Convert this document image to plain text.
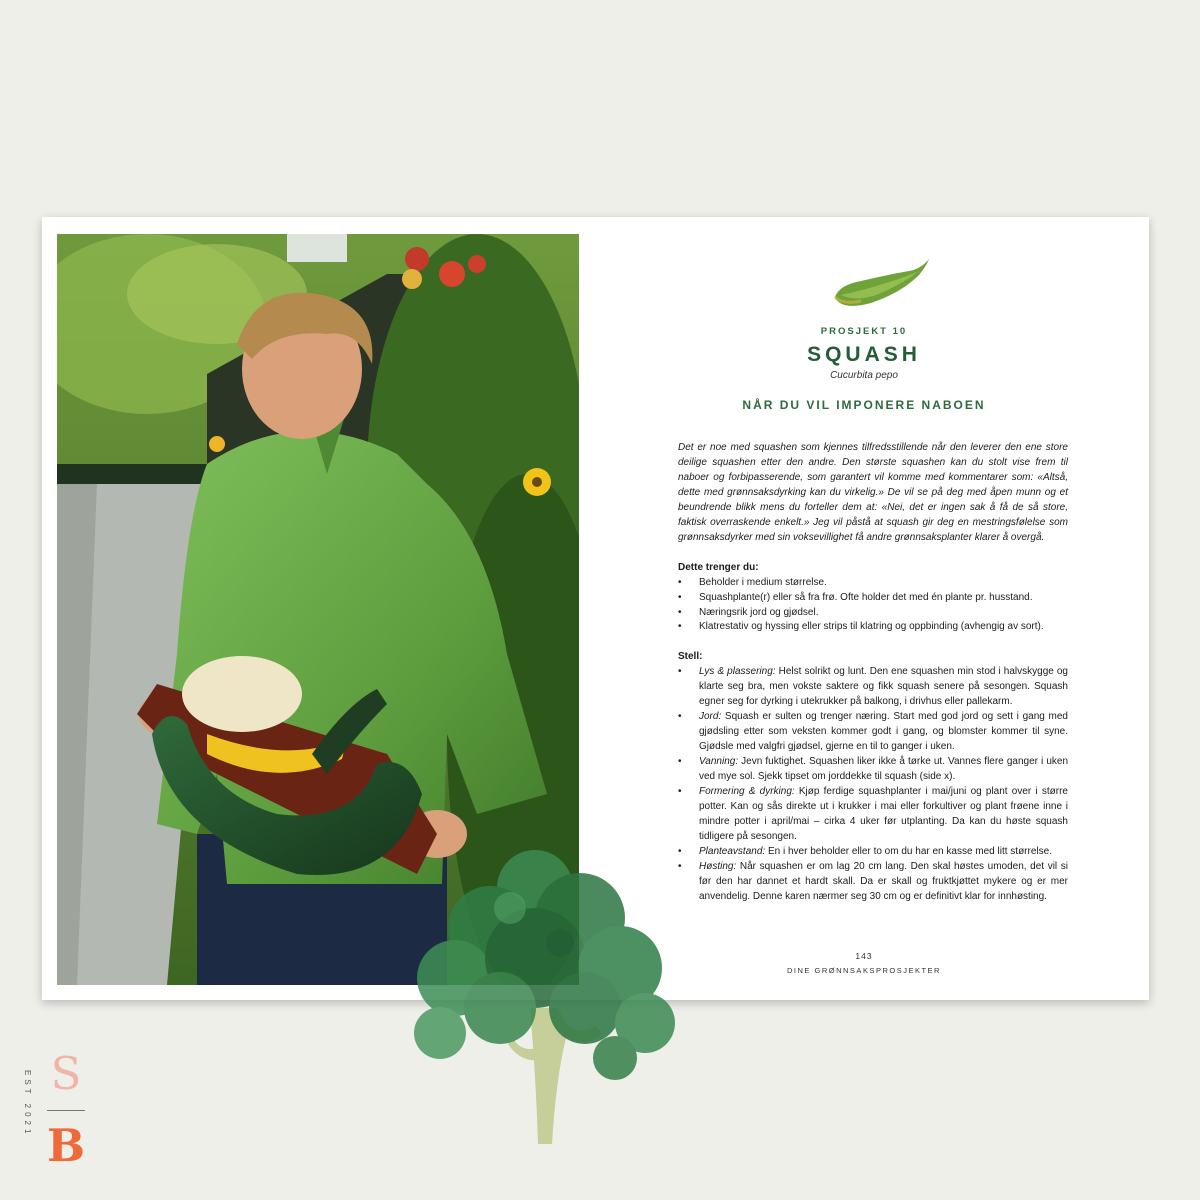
PROSJEKT 10
SQUASH
Cucurbita pepo
NÅR DU VIL IMPONERE NABOEN

Det er noe med squashen som kjennes tilfredsstillende når den leverer den ene store deilige squashen etter den andre. Den største squashen kan du stolt vise frem til naboer og forbipasserende, som garantert vil komme med kommentarer som: «Altså, dette med grønnsaksdyrking kan du virkelig.» De vil se på deg med åpen munn og et beundrende blikk mens du forteller dem at: «Nei, det er ingen sak å få de så store, faktisk overraskende enkelt.» Jeg vil påstå at squash gir deg en mestringsfølelse som grønnsaksdyrker med sin voksevillighet få andre grønnsaksplanter klarer å overgå.

Dette trenger du:
• Beholder i medium størrelse.
• Squashplante(r) eller så fra frø. Ofte holder det med én plante pr. husstand.
• Næringsrik jord og gjødsel.
• Klatrestativ og hyssing eller strips til klatring og oppbinding (avhengig av sort).
Stell:
• Lys & plassering: Helst solrikt og lunt. Den ene squashen min stod i halvskygge og klarte seg bra, men vokste saktere og fikk squash senere på sesongen. Squash egner seg for dyrking i utekrukker på balkong, i drivhus eller pallekarm.
• Jord: Squash er sulten og trenger næring. Start med god jord og sett i gang med gjødsling etter som veksten kommer godt i gang, og blomster kommer til syne. Gjødsle med valgfri gjødsel, gjerne en til to ganger i uken.
• Vanning: Jevn fuktighet. Squashen liker ikke å tørke ut. Vannes flere ganger i uken ved mye sol. Sjekk tipset om jorddekke til squash (side x).
• Formering & dyrking: Kjøp ferdige squashplanter i mai/juni og plant over i større potter. Kan og sås direkte ut i krukker i mai eller forkultiver og plant frøene inne i mindre potter i april/mai – cirka 4 uker før utplanting. Da kan du høste squash tidligere på sesongen.
• Planteavstand: En i hver beholder eller to om du har en kasse med litt størrelse.
• Høsting: Når squashen er om lag 20 cm lang. Den skal høstes umoden, det vil si før den har dannet et hardt skall. Da er skall og fruktkjøttet mykere og er mer anvendelig. Denne karen nærmer seg 30 cm og er definitivt klar for innhøsting.
143
DINE GRØNNSAKSPROSJEKTER
EST 2021 S
B
